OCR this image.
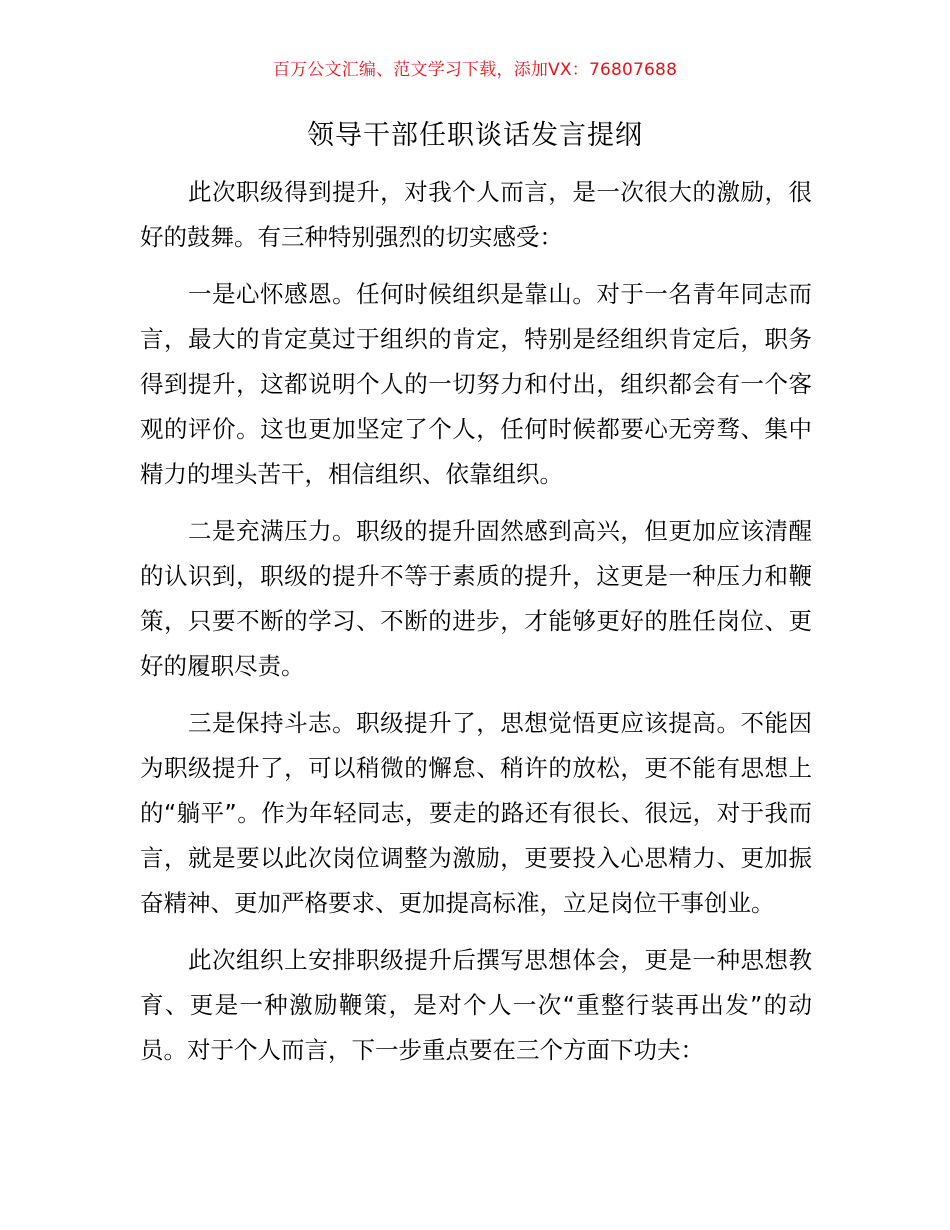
百万公文汇编、范文学习下载，添加VX：76807688
领导干部任职谈话发言提纲

此次职级得到提升，对我个人而言，是一次很大的激励，很好的鼓舞。有三种特别强烈的切实感受：

一是心怀感恩。任何时候组织是靠山。对于一名青年同志而言，最大的肯定莫过于组织的肯定，特别是经组织肯定后，职务得到提升，这都说明个人的一切努力和付出，组织都会有一个客观的评价。这也更加坚定了个人，任何时候都要心无旁骛、集中精力的埋头苦干，相信组织、依靠组织。

二是充满压力。职级的提升固然感到高兴，但更加应该清醒的认识到，职级的提升不等于素质的提升，这更是一种压力和鞭策，只要不断的学习、不断的进步，才能够更好的胜任岗位、更好的履职尽责。

三是保持斗志。职级提升了，思想觉悟更应该提高。不能因为职级提升了，可以稍微的懈怠、稍许的放松，更不能有思想上的“躺平”。作为年轻同志，要走的路还有很长、很远，对于我而言，就是要以此次岗位调整为激励，更要投入心思精力、更加振奋精神、更加严格要求、更加提高标准，立足岗位干事创业。

此次组织上安排职级提升后撰写思想体会，更是一种思想教育、更是一种激励鞭策，是对个人一次“重整行装再出发”的动员。对于个人而言，下一步重点要在三个方面下功夫：
